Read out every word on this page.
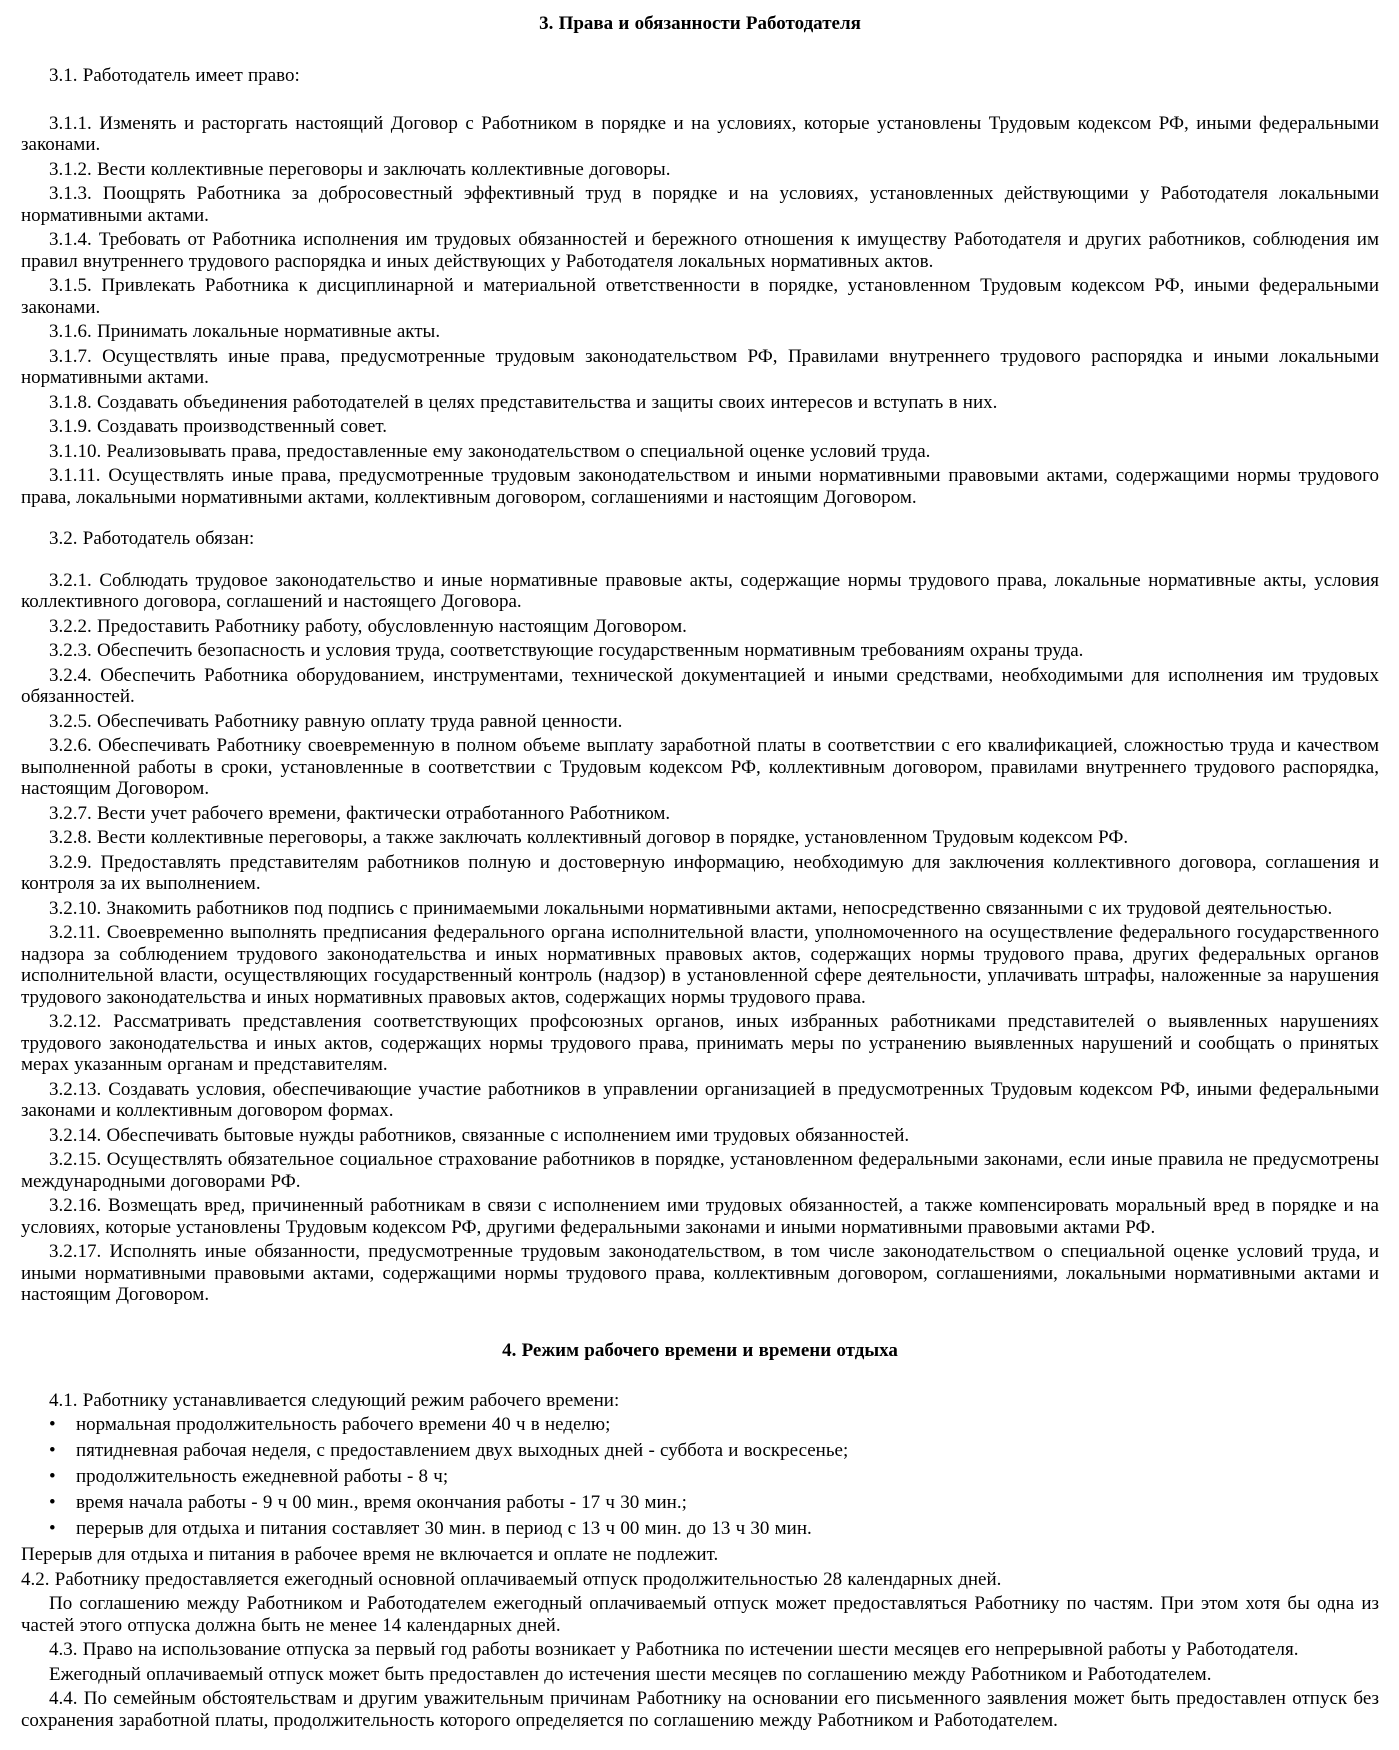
3. Права и обязанности Работодателя

3.1. Работодатель имеет право:

3.1.1. Изменять и расторгать настоящий Договор с Работником в порядке и на условиях, которые установлены Трудовым кодексом РФ, иными федеральными законами.

3.1.2. Вести коллективные переговоры и заключать коллективные договоры.

3.1.3. Поощрять Работника за добросовестный эффективный труд в порядке и на условиях, установленных действующими у Работодателя локальными нормативными актами.

3.1.4. Требовать от Работника исполнения им трудовых обязанностей и бережного отношения к имуществу Работодателя и других работников, соблюдения им правил внутреннего трудового распорядка и иных действующих у Работодателя локальных нормативных актов.

3.1.5. Привлекать Работника к дисциплинарной и материальной ответственности в порядке, установленном Трудовым кодексом РФ, иными федеральными законами.

3.1.6. Принимать локальные нормативные акты.

3.1.7. Осуществлять иные права, предусмотренные трудовым законодательством РФ, Правилами внутреннего трудового распорядка и иными локальными нормативными актами.

3.1.8. Создавать объединения работодателей в целях представительства и защиты своих интересов и вступать в них.

3.1.9. Создавать производственный совет.

3.1.10. Реализовывать права, предоставленные ему законодательством о специальной оценке условий труда.

3.1.11. Осуществлять иные права, предусмотренные трудовым законодательством и иными нормативными правовыми актами, содержащими нормы трудового права, локальными нормативными актами, коллективным договором, соглашениями и настоящим Договором.

3.2. Работодатель обязан:

3.2.1. Соблюдать трудовое законодательство и иные нормативные правовые акты, содержащие нормы трудового права, локальные нормативные акты, условия коллективного договора, соглашений и настоящего Договора.

3.2.2. Предоставить Работнику работу, обусловленную настоящим Договором.

3.2.3. Обеспечить безопасность и условия труда, соответствующие государственным нормативным требованиям охраны труда.

3.2.4. Обеспечить Работника оборудованием, инструментами, технической документацией и иными средствами, необходимыми для исполнения им трудовых обязанностей.

3.2.5. Обеспечивать Работнику равную оплату труда равной ценности.

3.2.6. Обеспечивать Работнику своевременную в полном объеме выплату заработной платы в соответствии с его квалификацией, сложностью труда и качеством выполненной работы в сроки, установленные в соответствии с Трудовым кодексом РФ, коллективным договором, правилами внутреннего трудового распорядка, настоящим Договором.

3.2.7. Вести учет рабочего времени, фактически отработанного Работником.

3.2.8. Вести коллективные переговоры, а также заключать коллективный договор в порядке, установленном Трудовым кодексом РФ.

3.2.9. Предоставлять представителям работников полную и достоверную информацию, необходимую для заключения коллективного договора, соглашения и контроля за их выполнением.

3.2.10. Знакомить работников под подпись с принимаемыми локальными нормативными актами, непосредственно связанными с их трудовой деятельностью.

3.2.11. Своевременно выполнять предписания федерального органа исполнительной власти, уполномоченного на осуществление федерального государственного надзора за соблюдением трудового законодательства и иных нормативных правовых актов, содержащих нормы трудового права, других федеральных органов исполнительной власти, осуществляющих государственный контроль (надзор) в установленной сфере деятельности, уплачивать штрафы, наложенные за нарушения трудового законодательства и иных нормативных правовых актов, содержащих нормы трудового права.

3.2.12. Рассматривать представления соответствующих профсоюзных органов, иных избранных работниками представителей о выявленных нарушениях трудового законодательства и иных актов, содержащих нормы трудового права, принимать меры по устранению выявленных нарушений и сообщать о принятых мерах указанным органам и представителям.

3.2.13. Создавать условия, обеспечивающие участие работников в управлении организацией в предусмотренных Трудовым кодексом РФ, иными федеральными законами и коллективным договором формах.

3.2.14. Обеспечивать бытовые нужды работников, связанные с исполнением ими трудовых обязанностей.

3.2.15. Осуществлять обязательное социальное страхование работников в порядке, установленном федеральными законами, если иные правила не предусмотрены международными договорами РФ.

3.2.16. Возмещать вред, причиненный работникам в связи с исполнением ими трудовых обязанностей, а также компенсировать моральный вред в порядке и на условиях, которые установлены Трудовым кодексом РФ, другими федеральными законами и иными нормативными правовыми актами РФ.

3.2.17. Исполнять иные обязанности, предусмотренные трудовым законодательством, в том числе законодательством о специальной оценке условий труда, и иными нормативными правовыми актами, содержащими нормы трудового права, коллективным договором, соглашениями, локальными нормативными актами и настоящим Договором.

4. Режим рабочего времени и времени отдыха

4.1. Работнику устанавливается следующий режим рабочего времени:

• нормальная продолжительность рабочего времени 40 ч в неделю;

• пятидневная рабочая неделя, с предоставлением двух выходных дней - суббота и воскресенье;

• продолжительность ежедневной работы - 8 ч;

• время начала работы - 9 ч 00 мин., время окончания работы - 17 ч 30 мин.;

• перерыв для отдыха и питания составляет 30 мин. в период с 13 ч 00 мин. до 13 ч 30 мин.

Перерыв для отдыха и питания в рабочее время не включается и оплате не подлежит.

4.2. Работнику предоставляется ежегодный основной оплачиваемый отпуск продолжительностью 28 календарных дней.

По соглашению между Работником и Работодателем ежегодный оплачиваемый отпуск может предоставляться Работнику по частям. При этом хотя бы одна из частей этого отпуска должна быть не менее 14 календарных дней.

4.3. Право на использование отпуска за первый год работы возникает у Работника по истечении шести месяцев его непрерывной работы у Работодателя.

Ежегодный оплачиваемый отпуск может быть предоставлен до истечения шести месяцев по соглашению между Работником и Работодателем.

4.4. По семейным обстоятельствам и другим уважительным причинам Работнику на основании его письменного заявления может быть предоставлен отпуск без сохранения заработной платы, продолжительность которого определяется по соглашению между Работником и Работодателем.
